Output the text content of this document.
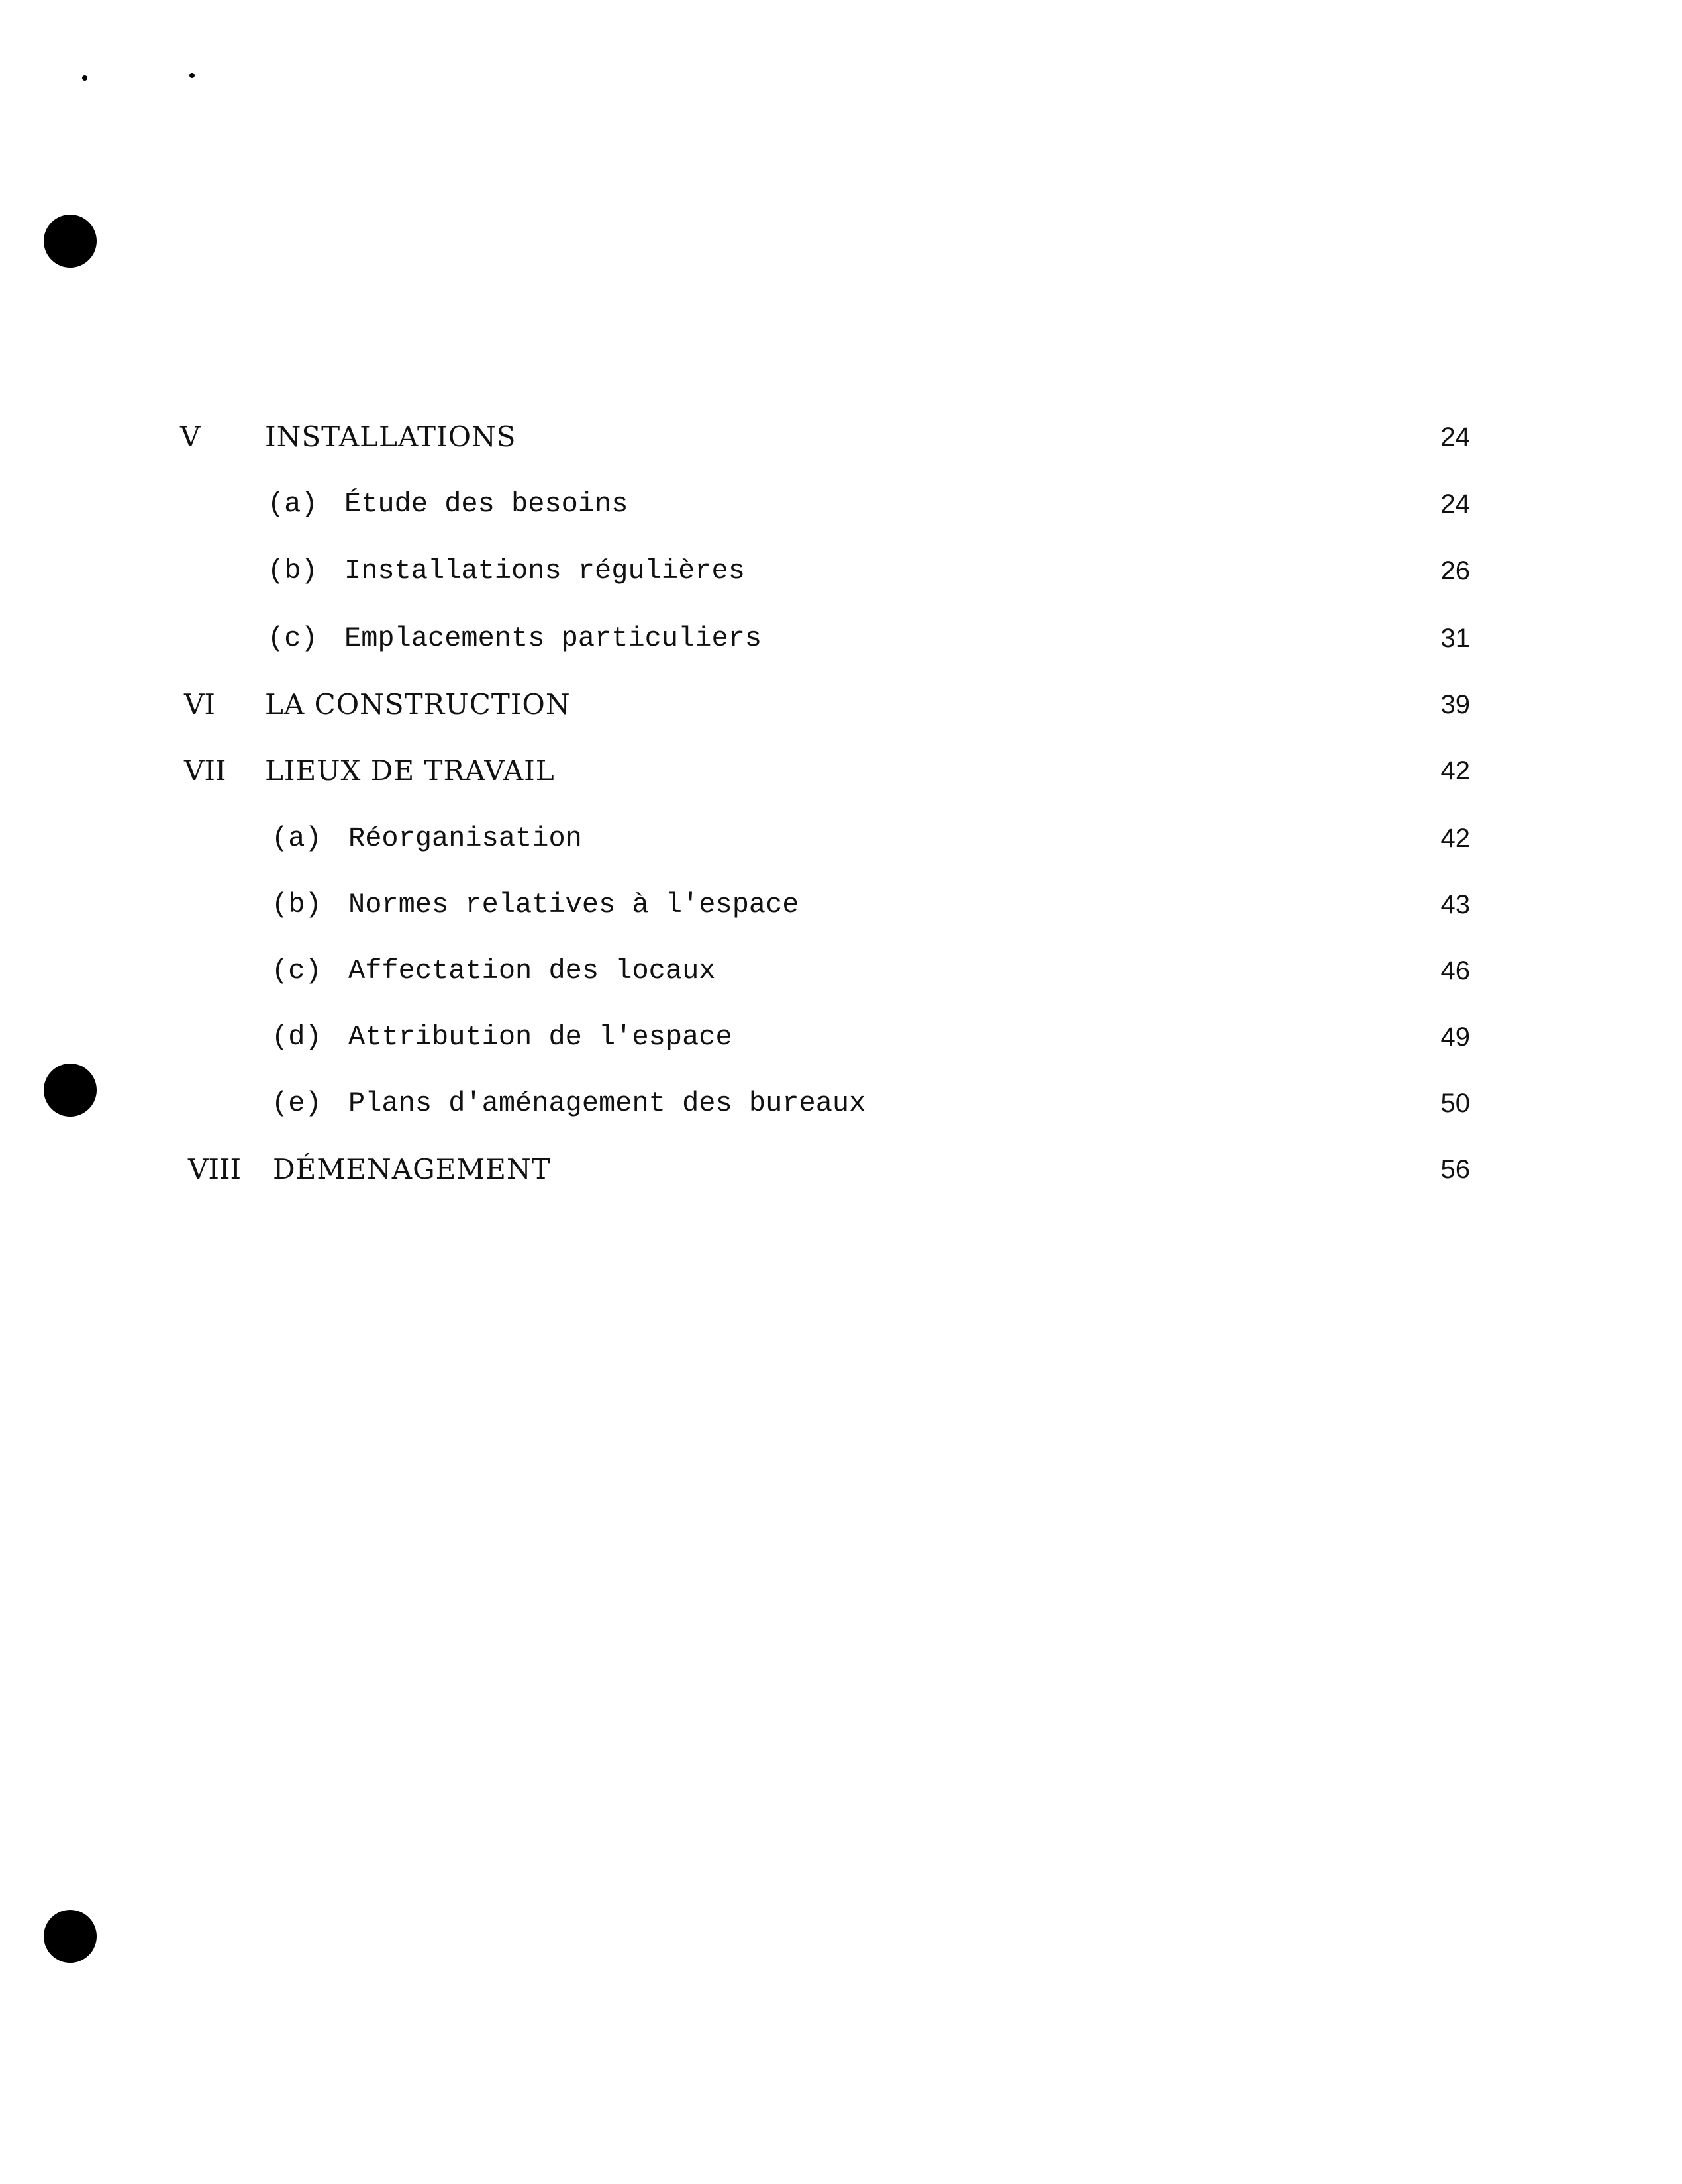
V INSTALLATIONS	24
(a) Étude des besoins	24
(b) Installations régulières	26
(c) Emplacements particuliers	31
VI LA CONSTRUCTION	39
VII LIEUX DE TRAVAIL	42
(a) Réorganisation	42
(b) Normes relatives à l'espace	43
(c) Affectation des locaux	46
(d) Attribution de l'espace	49
(e) Plans d'aménagement des bureaux	50
VIII DÉMENAGEMENT	56
